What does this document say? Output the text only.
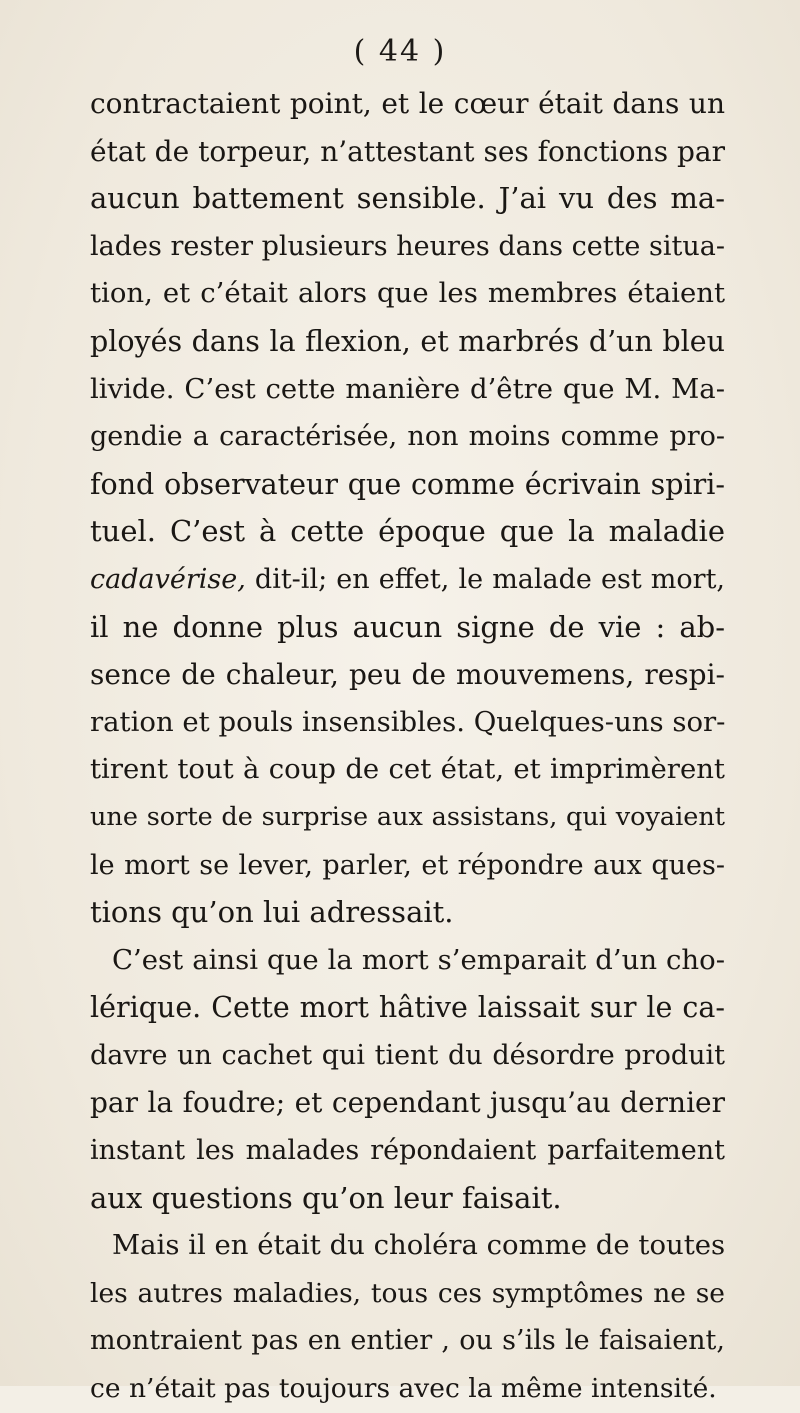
( 44 )
contractaient point, et le cœur était dans un
état de torpeur, n’attestant ses fonctions par
aucun battement sensible. J’ai vu des ma-
lades rester plusieurs heures dans cette situa-
tion, et c’était alors que les membres étaient
ployés dans la flexion, et marbrés d’un bleu
livide. C’est cette manière d’être que M. Ma-
gendie a caractérisée, non moins comme pro-
fond observateur que comme écrivain spiri-
tuel. C’est à cette époque que la maladie
cadavérise, dit-il; en effet, le malade est mort,
il ne donne plus aucun signe de vie : ab-
sence de chaleur, peu de mouvemens, respi-
ration et pouls insensibles. Quelques-uns sor-
tirent tout à coup de cet état, et imprimèrent
une sorte de surprise aux assistans, qui voyaient
le mort se lever, parler, et répondre aux ques-
tions qu’on lui adressait.
C’est ainsi que la mort s’emparait d’un cho-
lérique. Cette mort hâtive laissait sur le ca-
davre un cachet qui tient du désordre produit
par la foudre; et cependant jusqu’au dernier
instant les malades répondaient parfaitement
aux questions qu’on leur faisait.
Mais il en était du choléra comme de toutes
les autres maladies, tous ces symptômes ne se
montraient pas en entier , ou s’ils le faisaient,
ce n’était pas toujours avec la même intensité.
